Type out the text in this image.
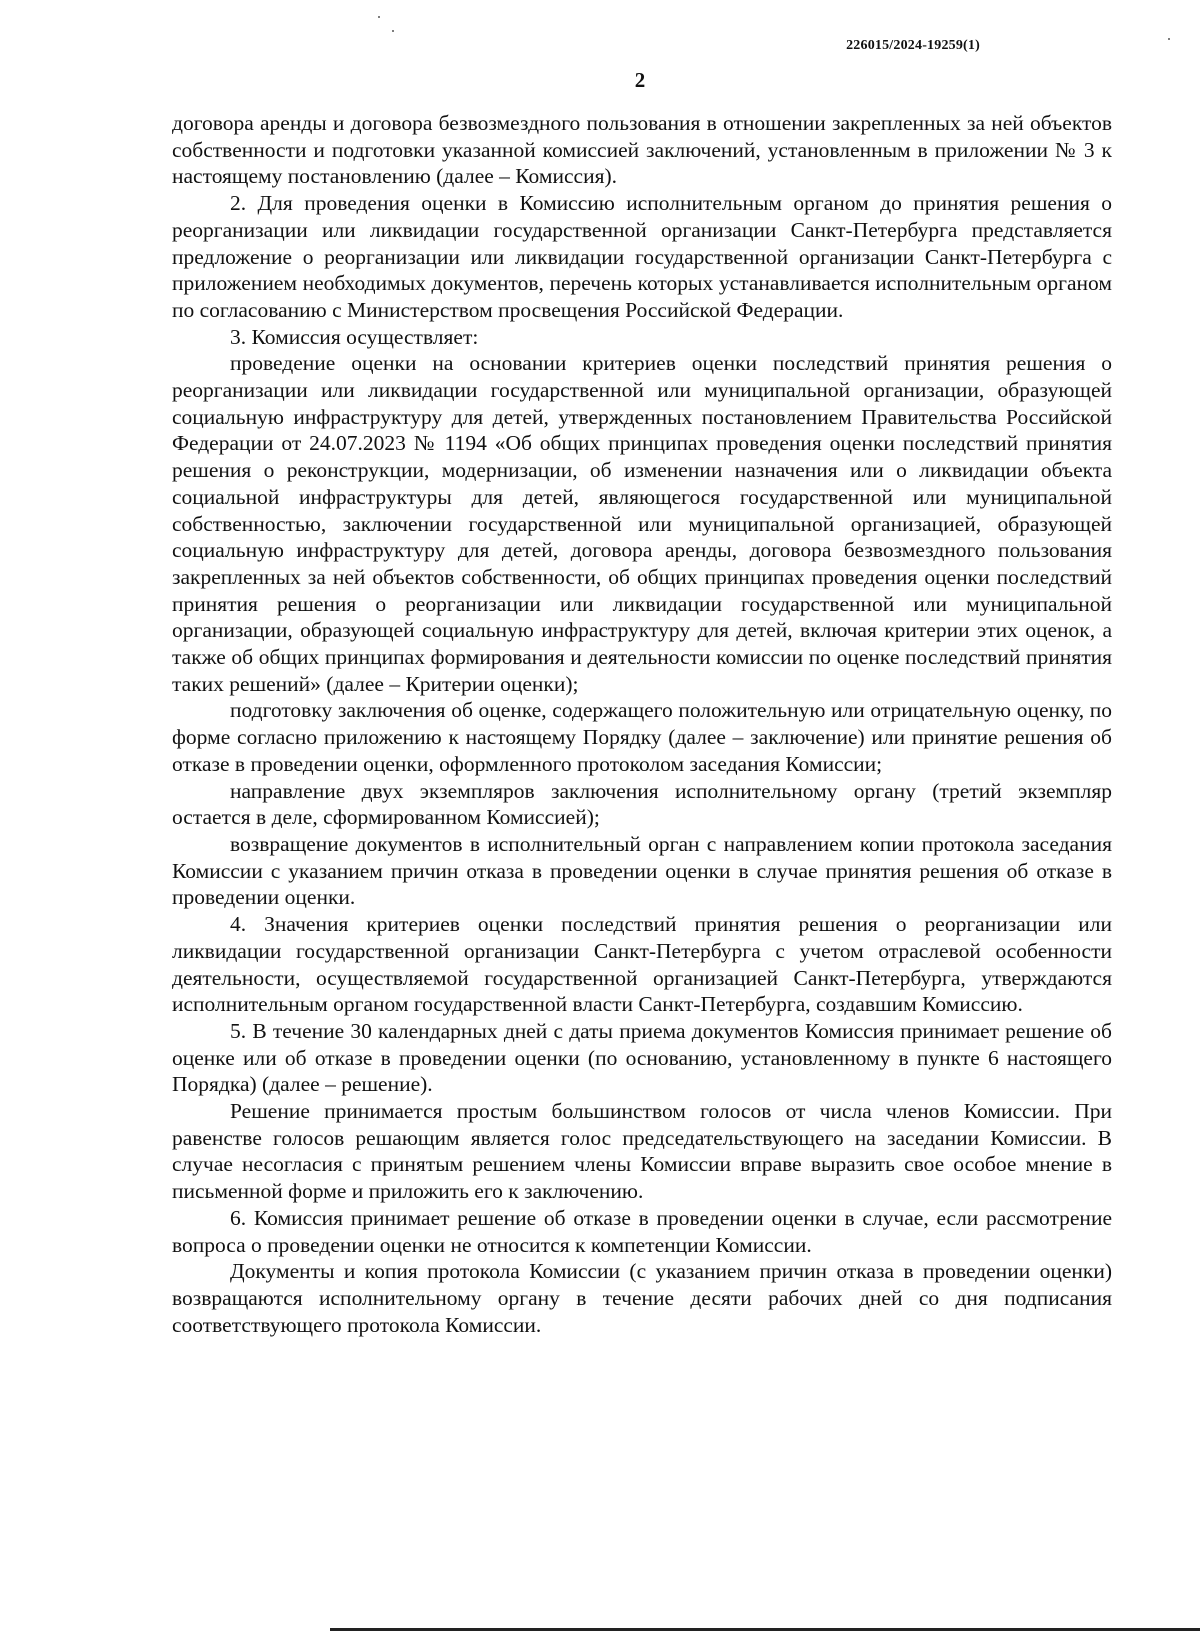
226015/2024-19259(1)
2

договора аренды и договора безвозмездного пользования в отношении закрепленных за ней объектов собственности и подготовки указанной комиссией заключений, установленным в приложении № 3 к настоящему постановлению (далее – Комиссия).

2. Для проведения оценки в Комиссию исполнительным органом до принятия решения о реорганизации или ликвидации государственной организации Санкт-Петербурга представляется предложение о реорганизации или ликвидации государственной организации Санкт-Петербурга с приложением необходимых документов, перечень которых устанавливается исполнительным органом по согласованию с Министерством просвещения Российской Федерации.

3. Комиссия осуществляет:

проведение оценки на основании критериев оценки последствий принятия решения о реорганизации или ликвидации государственной или муниципальной организации, образующей социальную инфраструктуру для детей, утвержденных постановлением Правительства Российской Федерации от 24.07.2023 № 1194 «Об общих принципах проведения оценки последствий принятия решения о реконструкции, модернизации, об изменении назначения или о ликвидации объекта социальной инфраструктуры для детей, являющегося государственной или муниципальной собственностью, заключении государственной или муниципальной организацией, образующей социальную инфраструктуру для детей, договора аренды, договора безвозмездного пользования закрепленных за ней объектов собственности, об общих принципах проведения оценки последствий принятия решения о реорганизации или ликвидации государственной или муниципальной организации, образующей социальную инфраструктуру для детей, включая критерии этих оценок, а также об общих принципах формирования и деятельности комиссии по оценке последствий принятия таких решений» (далее – Критерии оценки);

подготовку заключения об оценке, содержащего положительную или отрицательную оценку, по форме согласно приложению к настоящему Порядку (далее – заключение) или принятие решения об отказе в проведении оценки, оформленного протоколом заседания Комиссии;

направление двух экземпляров заключения исполнительному органу (третий экземпляр остается в деле, сформированном Комиссией);

возвращение документов в исполнительный орган с направлением копии протокола заседания Комиссии с указанием причин отказа в проведении оценки в случае принятия решения об отказе в проведении оценки.

4. Значения критериев оценки последствий принятия решения о реорганизации или ликвидации государственной организации Санкт-Петербурга с учетом отраслевой особенности деятельности, осуществляемой государственной организацией Санкт-Петербурга, утверждаются исполнительным органом государственной власти Санкт-Петербурга, создавшим Комиссию.

5. В течение 30 календарных дней с даты приема документов Комиссия принимает решение об оценке или об отказе в проведении оценки (по основанию, установленному в пункте 6 настоящего Порядка) (далее – решение).

Решение принимается простым большинством голосов от числа членов Комиссии. При равенстве голосов решающим является голос председательствующего на заседании Комиссии. В случае несогласия с принятым решением члены Комиссии вправе выразить свое особое мнение в письменной форме и приложить его к заключению.

6. Комиссия принимает решение об отказе в проведении оценки в случае, если рассмотрение вопроса о проведении оценки не относится к компетенции Комиссии.

Документы и копия протокола Комиссии (с указанием причин отказа в проведении оценки) возвращаются исполнительному органу в течение десяти рабочих дней со дня подписания соответствующего протокола Комиссии.
